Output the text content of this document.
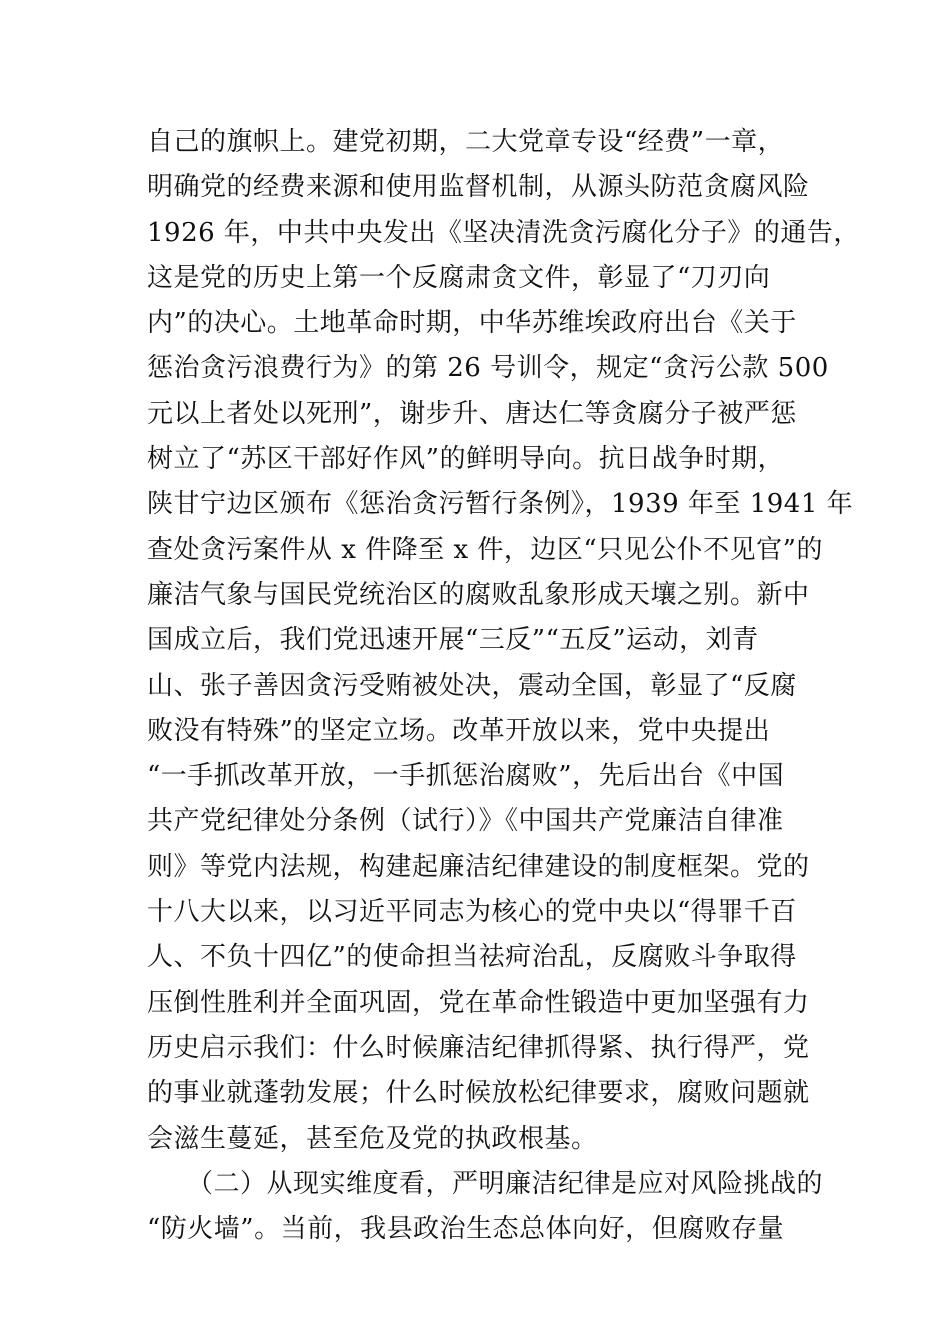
自己的旗帜上。建党初期，二大党章专设“经费”一章，
明确党的经费来源和使用监督机制，从源头防范贪腐风险
1926 年，中共中央发出《坚决清洗贪污腐化分子》的通告，
这是党的历史上第一个反腐肃贪文件，彰显了“刀刃向
内”的决心。土地革命时期，中华苏维埃政府出台《关于
惩治贪污浪费行为》的第 26 号训令，规定“贪污公款 500
元以上者处以死刑”，谢步升、唐达仁等贪腐分子被严惩
树立了“苏区干部好作风”的鲜明导向。抗日战争时期，
陕甘宁边区颁布《惩治贪污暂行条例》，1939 年至 1941 年
查处贪污案件从 x 件降至 x 件，边区“只见公仆不见官”的
廉洁气象与国民党统治区的腐败乱象形成天壤之别。新中
国成立后，我们党迅速开展“三反”“五反”运动，刘青
山、张子善因贪污受贿被处决，震动全国，彰显了“反腐
败没有特殊”的坚定立场。改革开放以来，党中央提出
“一手抓改革开放，一手抓惩治腐败”，先后出台《中国
共产党纪律处分条例（试行）》《中国共产党廉洁自律准
则》等党内法规，构建起廉洁纪律建设的制度框架。党的
十八大以来，以习近平同志为核心的党中央以“得罪千百
人、不负十四亿”的使命担当祛疴治乱，反腐败斗争取得
压倒性胜利并全面巩固，党在革命性锻造中更加坚强有力
历史启示我们：什么时候廉洁纪律抓得紧、执行得严，党
的事业就蓬勃发展；什么时候放松纪律要求，腐败问题就
会滋生蔓延，甚至危及党的执政根基。
（二）从现实维度看，严明廉洁纪律是应对风险挑战的
“防火墙”。当前，我县政治生态总体向好，但腐败存量
